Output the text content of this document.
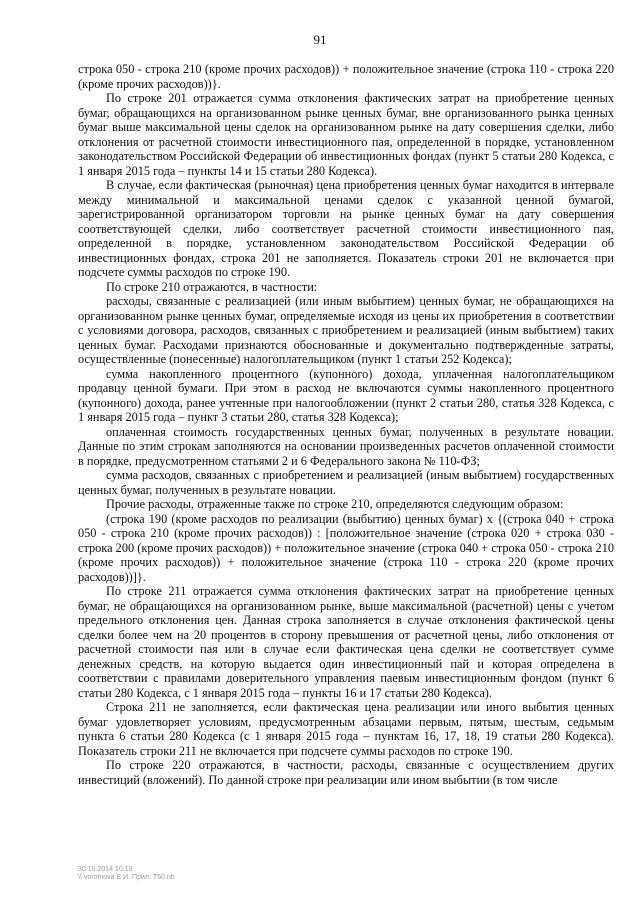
91

строка 050 - строка 210 (кроме прочих расходов)) + положительное значение (строка 110 - строка 220 (кроме прочих расходов))}.

По строке 201 отражается сумма отклонения фактических затрат на приобретение ценных бумаг, обращающихся на организованном рынке ценных бумаг, вне организованного рынка ценных бумаг выше максимальной цены сделок на организованном рынке на дату совершения сделки, либо отклонения от расчетной стоимости инвестиционного пая, определенной в порядке, установленном законодательством Российской Федерации об инвестиционных фондах (пункт 5 статьи 280 Кодекса, с 1 января 2015 года – пункты 14 и 15 статьи 280 Кодекса).

В случае, если фактическая (рыночная) цена приобретения ценных бумаг находится в интервале между минимальной и максимальной ценами сделок с указанной ценной бумагой, зарегистрированной организатором торговли на рынке ценных бумаг на дату совершения соответствующей сделки, либо соответствует расчетной стоимости инвестиционного пая, определенной в порядке, установленном законодательством Российской Федерации об инвестиционных фондах, строка 201 не заполняется. Показатель строки 201 не включается при подсчете суммы расходов по строке 190.

По строке 210 отражаются, в частности:

расходы, связанные с реализацией (или иным выбытием) ценных бумаг, не обращающихся на организованном рынке ценных бумаг, определяемые исходя из цены их приобретения в соответствии с условиями договора, расходов, связанных с приобретением и реализацией (иным выбытием) таких ценных бумаг. Расходами признаются обоснованные и документально подтвержденные затраты, осуществленные (понесенные) налогоплательщиком (пункт 1 статьи 252 Кодекса);

сумма накопленного процентного (купонного) дохода, уплаченная налогоплательщиком продавцу ценной бумаги. При этом в расход не включаются суммы накопленного процентного (купонного) дохода, ранее учтенные при налогообложении (пункт 2 статьи 280, статья 328 Кодекса, с 1 января 2015 года – пункт 3 статьи 280, статья 328 Кодекса);

оплаченная стоимость государственных ценных бумаг, полученных в результате новации. Данные по этим строкам заполняются на основании произведенных расчетов оплаченной стоимости в порядке, предусмотренном статьями 2 и 6 Федерального закона № 110-ФЗ;

сумма расходов, связанных с приобретением и реализацией (иным выбытием) государственных ценных бумаг, полученных в результате новации.

Прочие расходы, отраженные также по строке 210, определяются следующим образом:

(строка 190 (кроме расходов по реализации (выбытию) ценных бумаг) x {(строка 040 + строка 050 - строка 210 (кроме прочих расходов)) : [положительное значение (строка 020 + строка 030 - строка 200 (кроме прочих расходов)) + положительное значение (строка 040 + строка 050 - строка 210 (кроме прочих расходов)) + положительное значение (строка 110 - строка 220 (кроме прочих расходов))]}.

По строке 211 отражается сумма отклонения фактических затрат на приобретение ценных бумаг, не обращающихся на организованном рынке, выше максимальной (расчетной) цены с учетом предельного отклонения цен. Данная строка заполняется в случае отклонения фактической цены сделки более чем на 20 процентов в сторону превышения от расчетной цены, либо отклонения от расчетной стоимости пая или в случае если фактическая цена сделки не соответствует сумме денежных средств, на которую выдается один инвестиционный пай и которая определена в соответствии с правилами доверительного управления паевым инвестиционным фондом (пункт 6 статьи 280 Кодекса, с 1 января 2015 года – пункты 16 и 17 статьи 280 Кодекса).

Строка 211 не заполняется, если фактическая цена реализации или иного выбытия ценных бумаг удовлетворяет условиям, предусмотренным абзацами первым, пятым, шестым, седьмым пункта 6 статьи 280 Кодекса (с 1 января 2015 года – пунктам 16, 17, 18, 19 статьи 280 Кодекса). Показатель строки 211 не включается при подсчете суммы расходов по строке 190.

По строке 220 отражаются, в частности, расходы, связанные с осуществлением других инвестиций (вложений). По данной строке при реализации или ином выбытии (в том числе

30.10.2014 10:19
\\ vorotnova Е.И. Прил. Т50.nb
